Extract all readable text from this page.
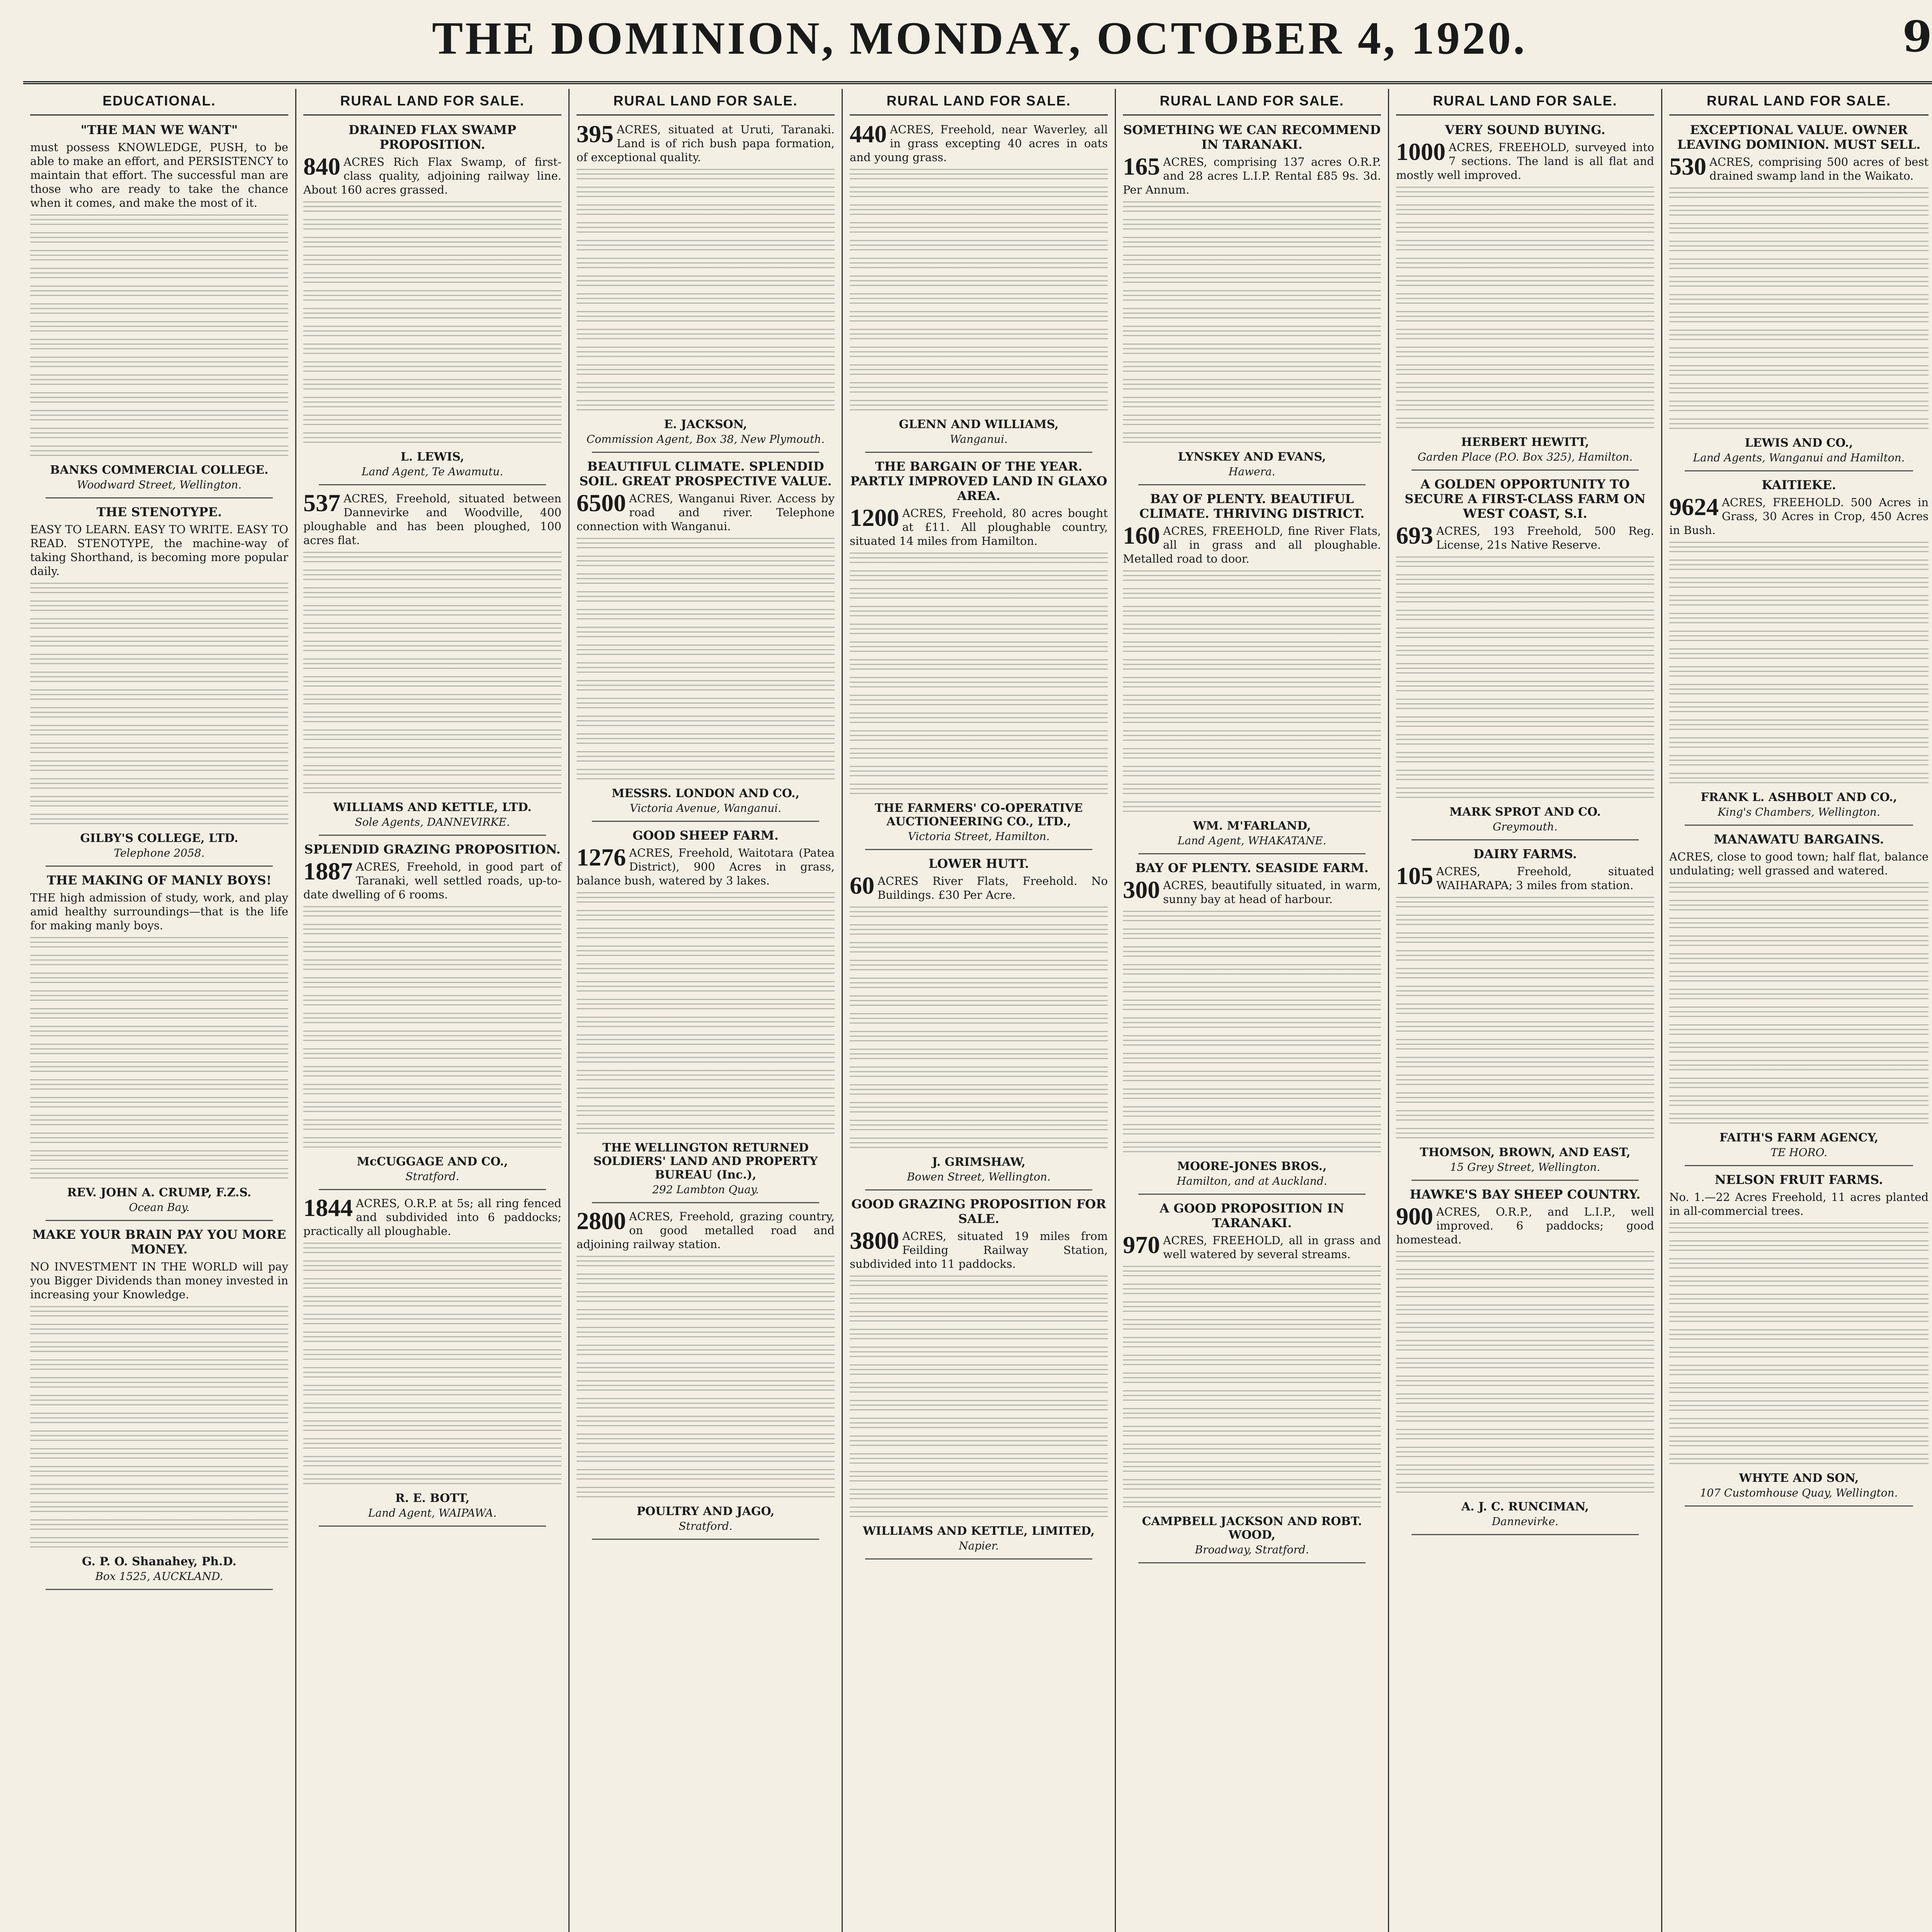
THE DOMINION, MONDAY, OCTOBER 4, 1920.	9
EDUCATIONAL.
"THE MAN WE WANT"

must possess KNOWLEDGE, PUSH, to be able to make an effort, and PERSISTENCY to maintain that effort. The successful man are those who are ready to take the chance when it comes, and make the most of it.

BANKS COMMERCIAL COLLEGE.
Woodward Street, Wellington.
THE STENOTYPE.

EASY TO LEARN. EASY TO WRITE. EASY TO READ. STENOTYPE, the machine-way of taking Shorthand, is becoming more popular daily.

GILBY'S COLLEGE, LTD.
Telephone 2058.
THE MAKING OF MANLY BOYS!

THE high admission of study, work, and play amid healthy surroundings—that is the life for making manly boys.

REV. JOHN A. CRUMP, F.Z.S.
Ocean Bay.
MAKE YOUR BRAIN PAY YOU MORE MONEY.

NO INVESTMENT IN THE WORLD will pay you Bigger Dividends than money invested in increasing your Knowledge.

G. P. O. Shanahey, Ph.D.
Box 1525, AUCKLAND.
RURAL LAND FOR SALE.
DRAINED FLAX SWAMP PROPOSITION.

840 ACRES Rich Flax Swamp, of first-class quality, adjoining railway line. About 160 acres grassed.

L. LEWIS,
Land Agent, Te Awamutu.

537 ACRES, Freehold, situated between Dannevirke and Woodville, 400 ploughable and has been ploughed, 100 acres flat.

WILLIAMS AND KETTLE, LTD.
Sole Agents, DANNEVIRKE.
SPLENDID GRAZING PROPOSITION.

1887 ACRES, Freehold, in good part of Taranaki, well settled roads, up-to-date dwelling of 6 rooms.

McCUGGAGE AND CO.,
Stratford.

1844 ACRES, O.R.P. at 5s; all ring fenced and subdivided into 6 paddocks; practically all ploughable.

R. E. BOTT,
Land Agent, WAIPAWA.
RURAL LAND FOR SALE.

395 ACRES, situated at Uruti, Taranaki. Land is of rich bush papa formation, of exceptional quality.

E. JACKSON,
Commission Agent, Box 38, New Plymouth.
BEAUTIFUL CLIMATE. SPLENDID SOIL. GREAT PROSPECTIVE VALUE.

6500 ACRES, Wanganui River. Access by road and river. Telephone connection with Wanganui.

MESSRS. LONDON AND CO.,
Victoria Avenue, Wanganui.
GOOD SHEEP FARM.

1276 ACRES, Freehold, Waitotara (Patea District), 900 Acres in grass, balance bush, watered by 3 lakes.

THE WELLINGTON RETURNED SOLDIERS' LAND AND PROPERTY BUREAU (Inc.),
292 Lambton Quay.

2800 ACRES, Freehold, grazing country, on good metalled road and adjoining railway station.

POULTRY AND JAGO,
Stratford.
RURAL LAND FOR SALE.

440 ACRES, Freehold, near Waverley, all in grass excepting 40 acres in oats and young grass.

GLENN AND WILLIAMS,
Wanganui.
THE BARGAIN OF THE YEAR. PARTLY IMPROVED LAND IN GLAXO AREA.

1200 ACRES, Freehold, 80 acres bought at £11. All ploughable country, situated 14 miles from Hamilton.

THE FARMERS' CO-OPERATIVE AUCTIONEERING CO., LTD.,
Victoria Street, Hamilton.
LOWER HUTT.

60 ACRES River Flats, Freehold. No Buildings. £30 Per Acre.

J. GRIMSHAW,
Bowen Street, Wellington.
GOOD GRAZING PROPOSITION FOR SALE.

3800 ACRES, situated 19 miles from Feilding Railway Station, subdivided into 11 paddocks.

WILLIAMS AND KETTLE, LIMITED,
Napier.
RURAL LAND FOR SALE.
SOMETHING WE CAN RECOMMEND IN TARANAKI.

165 ACRES, comprising 137 acres O.R.P. and 28 acres L.I.P. Rental £85 9s. 3d. Per Annum.

LYNSKEY AND EVANS,
Hawera.
BAY OF PLENTY. BEAUTIFUL CLIMATE. THRIVING DISTRICT.

160 ACRES, FREEHOLD, fine River Flats, all in grass and all ploughable. Metalled road to door.

WM. M'FARLAND,
Land Agent, WHAKATANE.
BAY OF PLENTY. SEASIDE FARM.

300 ACRES, beautifully situated, in warm, sunny bay at head of harbour.

MOORE-JONES BROS.,
Hamilton, and at Auckland.
A GOOD PROPOSITION IN TARANAKI.

970 ACRES, FREEHOLD, all in grass and well watered by several streams.

CAMPBELL JACKSON AND ROBT. WOOD,
Broadway, Stratford.
RURAL LAND FOR SALE.
VERY SOUND BUYING.

1000 ACRES, FREEHOLD, surveyed into 7 sections. The land is all flat and mostly well improved.

HERBERT HEWITT,
Garden Place (P.O. Box 325), Hamilton.
A GOLDEN OPPORTUNITY TO SECURE A FIRST-CLASS FARM ON WEST COAST, S.I.

693 ACRES, 193 Freehold, 500 Reg. License, 21s Native Reserve.

MARK SPROT AND CO.
Greymouth.
DAIRY FARMS.

105 ACRES, Freehold, situated WAIHARAPA; 3 miles from station.

THOMSON, BROWN, AND EAST,
15 Grey Street, Wellington.
HAWKE'S BAY SHEEP COUNTRY.

900 ACRES, O.R.P., and L.I.P., well improved. 6 paddocks; good homestead.

A. J. C. RUNCIMAN,
Dannevirke.
RURAL LAND FOR SALE.
EXCEPTIONAL VALUE. OWNER LEAVING DOMINION. MUST SELL.

530 ACRES, comprising 500 acres of best drained swamp land in the Waikato.

LEWIS AND CO.,
Land Agents, Wanganui and Hamilton.
KAITIEKE.

9624 ACRES, FREEHOLD. 500 Acres in Grass, 30 Acres in Crop, 450 Acres in Bush.

FRANK L. ASHBOLT AND CO.,
King's Chambers, Wellington.
MANAWATU BARGAINS.

ACRES, close to good town; half flat, balance undulating; well grassed and watered.

FAITH'S FARM AGENCY,
TE HORO.
NELSON FRUIT FARMS.

No. 1.—22 Acres Freehold, 11 acres planted in all-commercial trees.

WHYTE AND SON,
107 Customhouse Quay, Wellington.
